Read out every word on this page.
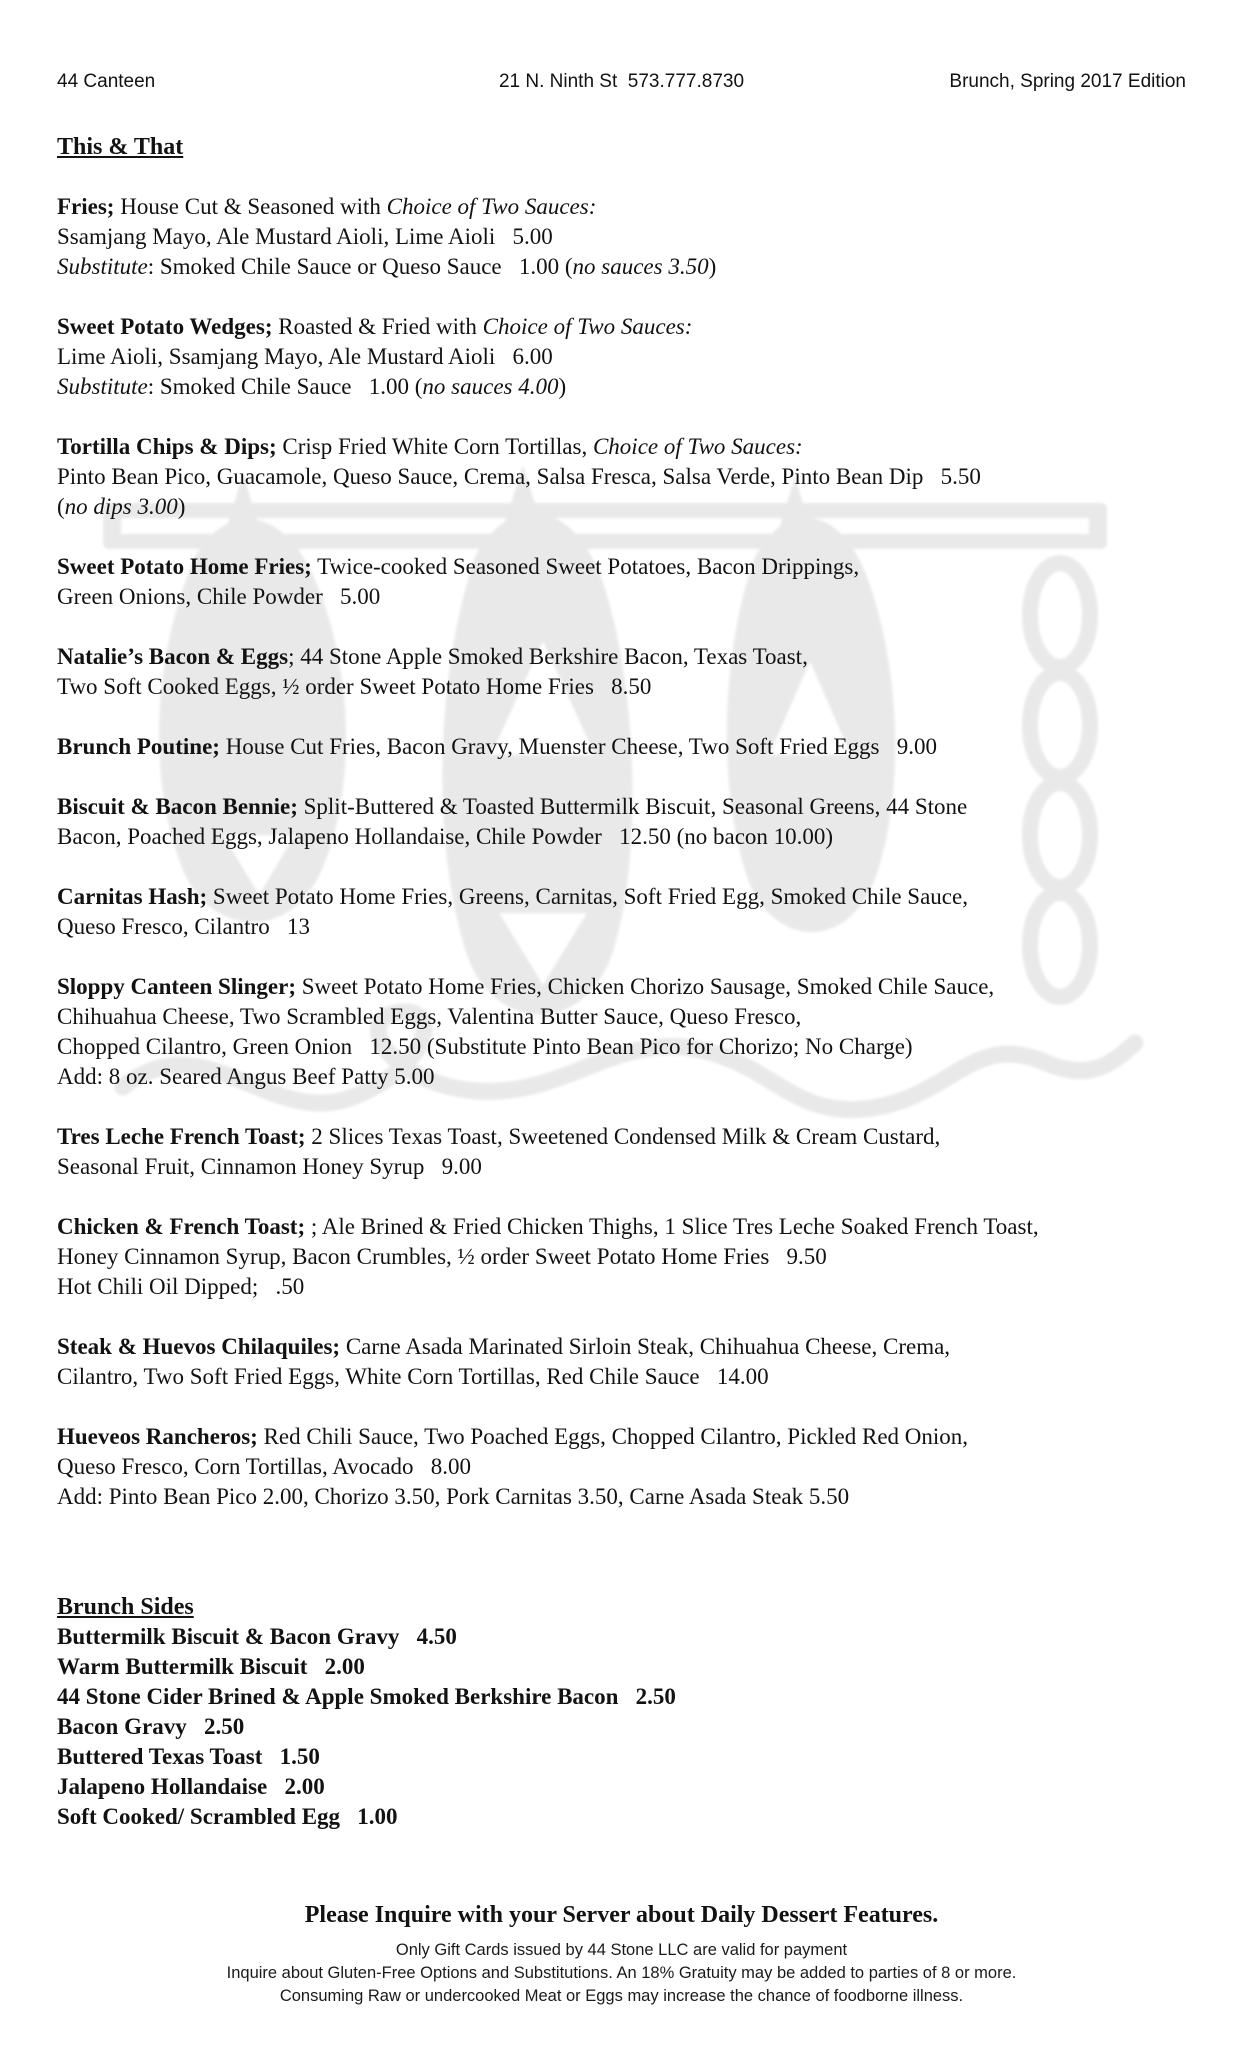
44 Canteen	21 N. Ninth St  573.777.8730	Brunch, Spring 2017 Edition
This & That
Fries; House Cut & Seasoned with Choice of Two Sauces:
Ssamjang Mayo, Ale Mustard Aioli, Lime Aioli   5.00
Substitute: Smoked Chile Sauce or Queso Sauce   1.00 (no sauces 3.50)
Sweet Potato Wedges; Roasted & Fried with Choice of Two Sauces:
Lime Aioli, Ssamjang Mayo, Ale Mustard Aioli   6.00
Substitute: Smoked Chile Sauce   1.00 (no sauces 4.00)
Tortilla Chips & Dips; Crisp Fried White Corn Tortillas, Choice of Two Sauces:
Pinto Bean Pico, Guacamole, Queso Sauce, Crema, Salsa Fresca, Salsa Verde, Pinto Bean Dip   5.50
(no dips 3.00)
Sweet Potato Home Fries; Twice-cooked Seasoned Sweet Potatoes, Bacon Drippings,
Green Onions, Chile Powder   5.00
Natalie’s Bacon & Eggs; 44 Stone Apple Smoked Berkshire Bacon, Texas Toast,
Two Soft Cooked Eggs, ½ order Sweet Potato Home Fries   8.50
Brunch Poutine; House Cut Fries, Bacon Gravy, Muenster Cheese, Two Soft Fried Eggs   9.00
Biscuit & Bacon Bennie; Split-Buttered & Toasted Buttermilk Biscuit, Seasonal Greens, 44 Stone
Bacon, Poached Eggs, Jalapeno Hollandaise, Chile Powder   12.50 (no bacon 10.00)
Carnitas Hash; Sweet Potato Home Fries, Greens, Carnitas, Soft Fried Egg, Smoked Chile Sauce,
Queso Fresco, Cilantro   13
Sloppy Canteen Slinger; Sweet Potato Home Fries, Chicken Chorizo Sausage, Smoked Chile Sauce,
Chihuahua Cheese, Two Scrambled Eggs, Valentina Butter Sauce, Queso Fresco,
Chopped Cilantro, Green Onion   12.50 (Substitute Pinto Bean Pico for Chorizo; No Charge)
Add: 8 oz. Seared Angus Beef Patty 5.00
Tres Leche French Toast; 2 Slices Texas Toast, Sweetened Condensed Milk & Cream Custard,
Seasonal Fruit, Cinnamon Honey Syrup   9.00
Chicken & French Toast; ; Ale Brined & Fried Chicken Thighs, 1 Slice Tres Leche Soaked French Toast,
Honey Cinnamon Syrup, Bacon Crumbles, ½ order Sweet Potato Home Fries   9.50
Hot Chili Oil Dipped;   .50
Steak & Huevos Chilaquiles; Carne Asada Marinated Sirloin Steak, Chihuahua Cheese, Crema,
Cilantro, Two Soft Fried Eggs, White Corn Tortillas, Red Chile Sauce   14.00
Hueveos Rancheros; Red Chili Sauce, Two Poached Eggs, Chopped Cilantro, Pickled Red Onion,
Queso Fresco, Corn Tortillas, Avocado   8.00
Add: Pinto Bean Pico 2.00, Chorizo 3.50, Pork Carnitas 3.50, Carne Asada Steak 5.50
Brunch Sides
Buttermilk Biscuit & Bacon Gravy   4.50
Warm Buttermilk Biscuit   2.00
44 Stone Cider Brined & Apple Smoked Berkshire Bacon   2.50
Bacon Gravy   2.50
Buttered Texas Toast   1.50
Jalapeno Hollandaise   2.00
Soft Cooked/ Scrambled Egg   1.00
Please Inquire with your Server about Daily Dessert Features.
Only Gift Cards issued by 44 Stone LLC are valid for payment
Inquire about Gluten-Free Options and Substitutions. An 18% Gratuity may be added to parties of 8 or more.
Consuming Raw or undercooked Meat or Eggs may increase the chance of foodborne illness.
